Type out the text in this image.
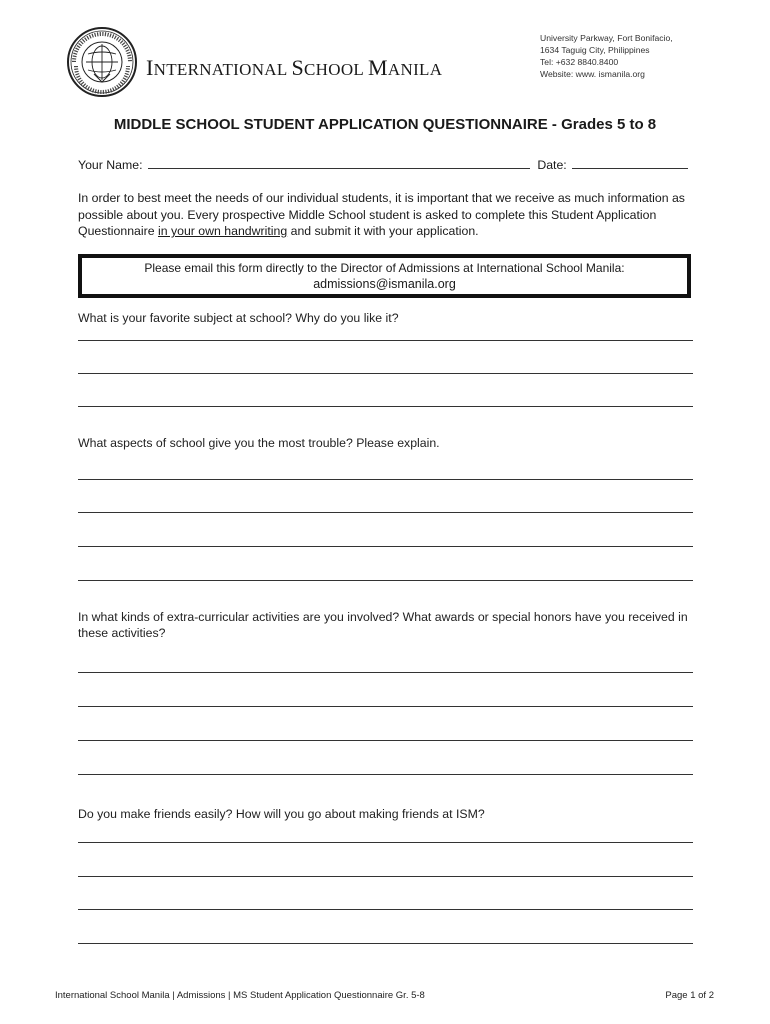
INTERNATIONAL SCHOOL MANILA
University Parkway, Fort Bonifacio,
1634 Taguig City, Philippines
Tel: +632 8840.8400
Website: www. ismanila.org
MIDDLE SCHOOL STUDENT APPLICATION QUESTIONNAIRE - Grades 5 to 8
Your Name:	Date:
In order to best meet the needs of our individual students, it is important that we receive as much information as possible about you. Every prospective Middle School student is asked to complete this Student Application Questionnaire in your own handwriting and submit it with your application.
Please email this form directly to the Director of Admissions at International School Manila:
admissions@ismanila.org
What is your favorite subject at school? Why do you like it?
What aspects of school give you the most trouble? Please explain.
In what kinds of extra-curricular activities are you involved? What awards or special honors have you received in these activities?
Do you make friends easily? How will you go about making friends at ISM?
International School Manila | Admissions | MS Student Application Questionnaire Gr. 5-8	Page 1 of 2
